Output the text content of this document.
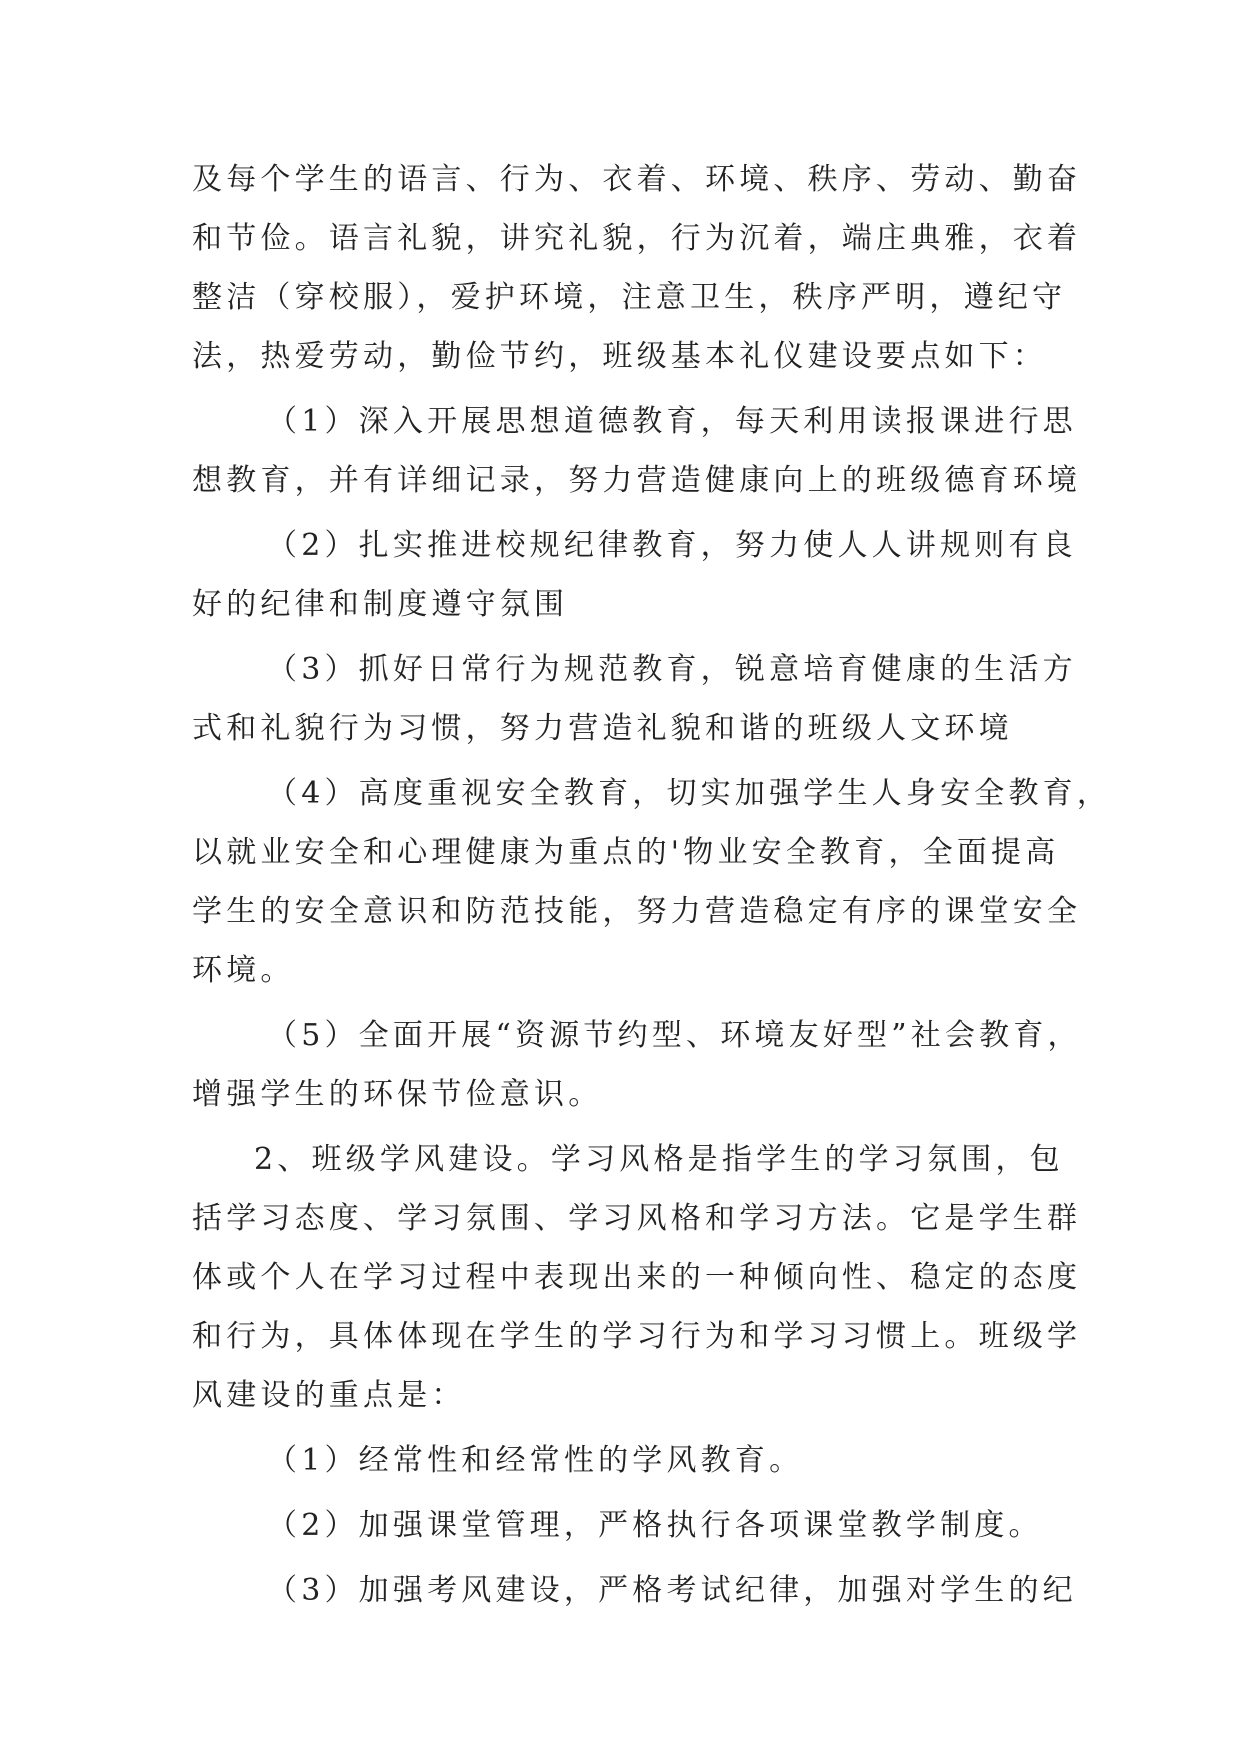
及每个学生的语言、行为、衣着、环境、秩序、劳动、勤奋

和节俭。语言礼貌，讲究礼貌，行为沉着，端庄典雅，衣着

整洁（穿校服），爱护环境，注意卫生，秩序严明，遵纪守

法，热爱劳动，勤俭节约，班级基本礼仪建设要点如下：

（1）深入开展思想道德教育，每天利用读报课进行思

想教育，并有详细记录，努力营造健康向上的班级德育环境

（2）扎实推进校规纪律教育，努力使人人讲规则有良

好的纪律和制度遵守氛围

（3）抓好日常行为规范教育，锐意培育健康的生活方

式和礼貌行为习惯，努力营造礼貌和谐的班级人文环境

（4）高度重视安全教育，切实加强学生人身安全教育，

以就业安全和心理健康为重点的'物业安全教育，全面提高

学生的安全意识和防范技能，努力营造稳定有序的课堂安全

环境。

（5）全面开展“资源节约型、环境友好型”社会教育，

增强学生的环保节俭意识。

2、班级学风建设。学习风格是指学生的学习氛围，包

括学习态度、学习氛围、学习风格和学习方法。它是学生群

体或个人在学习过程中表现出来的一种倾向性、稳定的态度

和行为，具体体现在学生的学习行为和学习习惯上。班级学

风建设的重点是：

（1）经常性和经常性的学风教育。

（2）加强课堂管理，严格执行各项课堂教学制度。

（3）加强考风建设，严格考试纪律，加强对学生的纪
